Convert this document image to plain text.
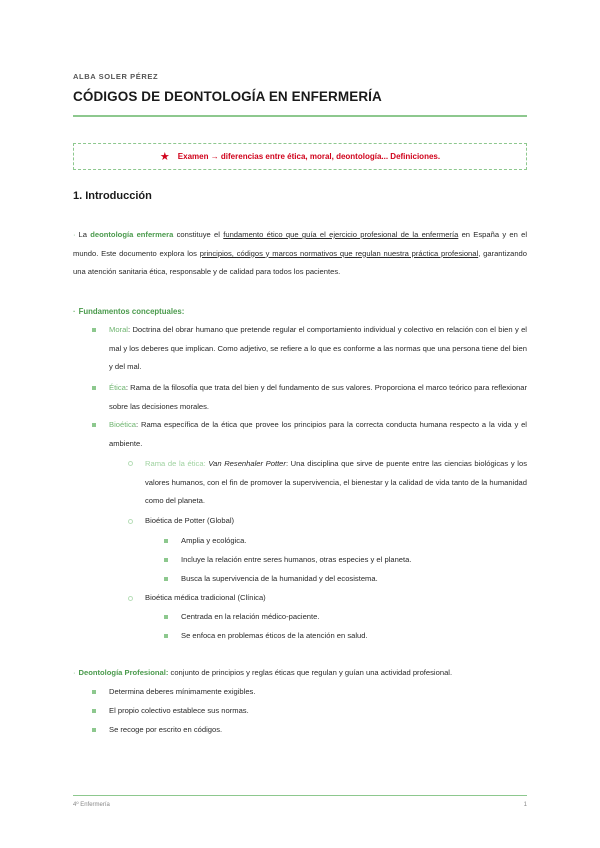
ALBA SOLER PÉREZ
CÓDIGOS DE DEONTOLOGÍA EN ENFERMERÍA
★ Examen → diferencias entre ética, moral, deontología... Definiciones.
1. Introducción
· La deontología enfermera constituye el fundamento ético que guía el ejercicio profesional de la enfermería en España y en el mundo. Este documento explora los principios, códigos y marcos normativos que regulan nuestra práctica profesional, garantizando una atención sanitaria ética, responsable y de calidad para todos los pacientes.
· Fundamentos conceptuales:
Moral: Doctrina del obrar humano que pretende regular el comportamiento individual y colectivo en relación con el bien y el mal y los deberes que implican. Como adjetivo, se refiere a lo que es conforme a las normas que una persona tiene del bien y del mal.
Ética: Rama de la filosofía que trata del bien y del fundamento de sus valores. Proporciona el marco teórico para reflexionar sobre las decisiones morales.
Bioética: Rama específica de la ética que provee los principios para la correcta conducta humana respecto a la vida y el ambiente.
Rama de la ética: Van Resenhaler Potter: Una disciplina que sirve de puente entre las ciencias biológicas y los valores humanos, con el fin de promover la supervivencia, el bienestar y la calidad de vida tanto de la humanidad como del planeta.
Bioética de Potter (Global)
Amplia y ecológica.
Incluye la relación entre seres humanos, otras especies y el planeta.
Busca la supervivencia de la humanidad y del ecosistema.
Bioética médica tradicional (Clínica)
Centrada en la relación médico-paciente.
Se enfoca en problemas éticos de la atención en salud.
· Deontología Profesional: conjunto de principios y reglas éticas que regulan y guían una actividad profesional.
Determina deberes mínimamente exigibles.
El propio colectivo establece sus normas.
Se recoge por escrito en códigos.
4º Enfermería	1
